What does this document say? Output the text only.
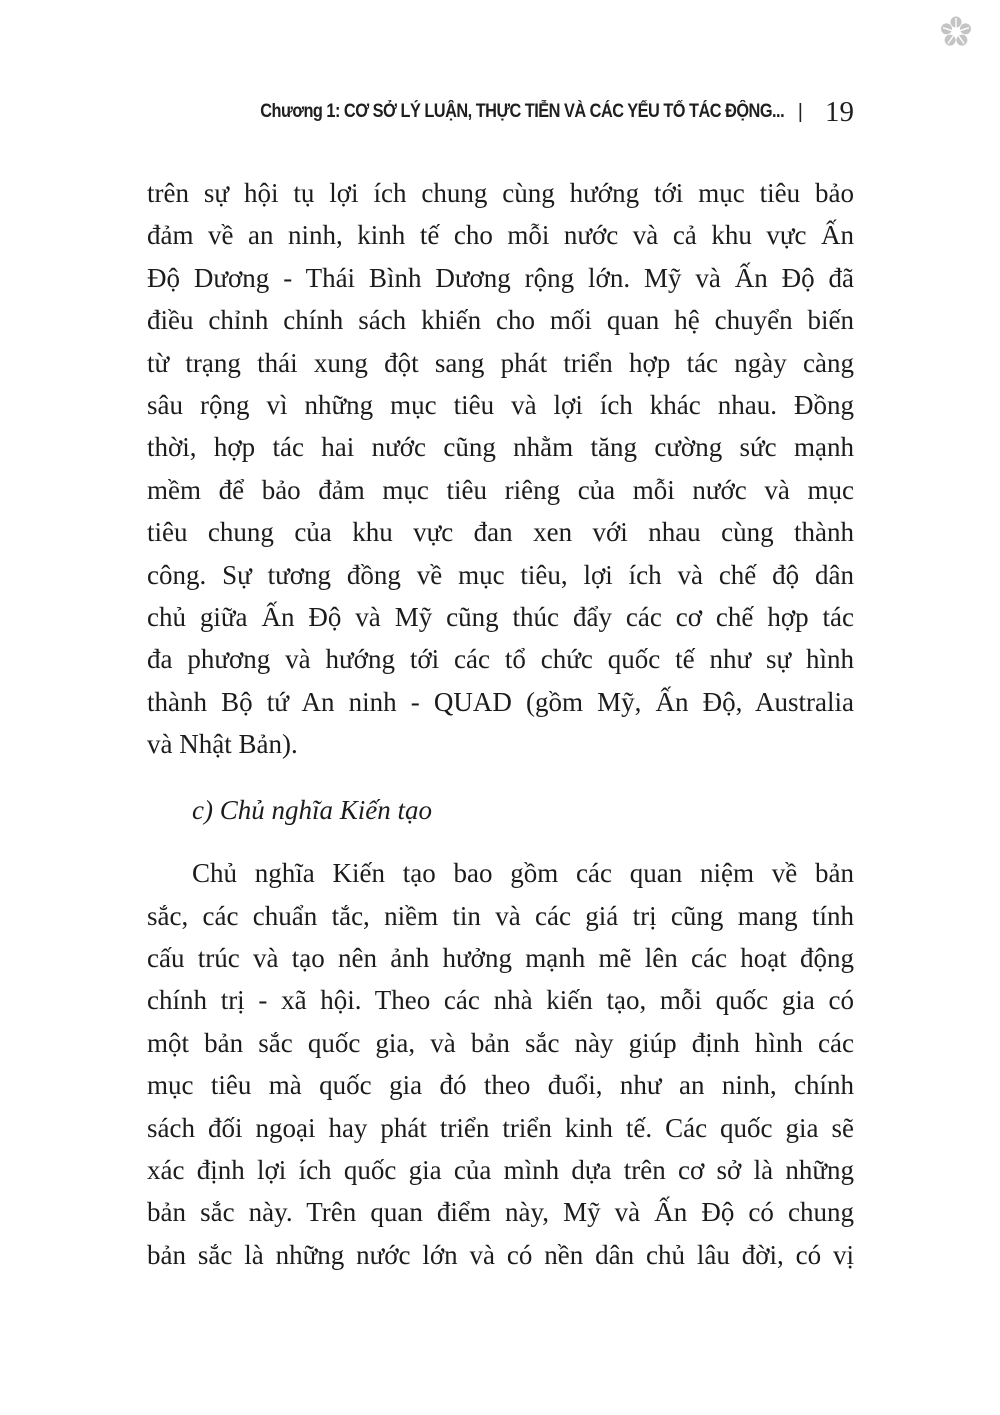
Chương 1: CƠ SỞ LÝ LUẬN, THỰC TIỄN VÀ CÁC YẾU TỐ TÁC ĐỘNG... | 19
trên sự hội tụ lợi ích chung cùng hướng tới mục tiêu bảo
đảm về an ninh, kinh tế cho mỗi nước và cả khu vực Ấn
Độ Dương - Thái Bình Dương rộng lớn. Mỹ và Ấn Độ đã
điều chỉnh chính sách khiến cho mối quan hệ chuyển biến
từ trạng thái xung đột sang phát triển hợp tác ngày càng
sâu rộng vì những mục tiêu và lợi ích khác nhau. Đồng
thời, hợp tác hai nước cũng nhằm tăng cường sức mạnh
mềm để bảo đảm mục tiêu riêng của mỗi nước và mục
tiêu chung của khu vực đan xen với nhau cùng thành
công. Sự tương đồng về mục tiêu, lợi ích và chế độ dân
chủ giữa Ấn Độ và Mỹ cũng thúc đẩy các cơ chế hợp tác
đa phương và hướng tới các tổ chức quốc tế như sự hình
thành Bộ tứ An ninh - QUAD (gồm Mỹ, Ấn Độ, Australia
và Nhật Bản).
c) Chủ nghĩa Kiến tạo
Chủ nghĩa Kiến tạo bao gồm các quan niệm về bản
sắc, các chuẩn tắc, niềm tin và các giá trị cũng mang tính
cấu trúc và tạo nên ảnh hưởng mạnh mẽ lên các hoạt động
chính trị - xã hội. Theo các nhà kiến tạo, mỗi quốc gia có
một bản sắc quốc gia, và bản sắc này giúp định hình các
mục tiêu mà quốc gia đó theo đuổi, như an ninh, chính
sách đối ngoại hay phát triển triển kinh tế. Các quốc gia sẽ
xác định lợi ích quốc gia của mình dựa trên cơ sở là những
bản sắc này. Trên quan điểm này, Mỹ và Ấn Độ có chung
bản sắc là những nước lớn và có nền dân chủ lâu đời, có vị
